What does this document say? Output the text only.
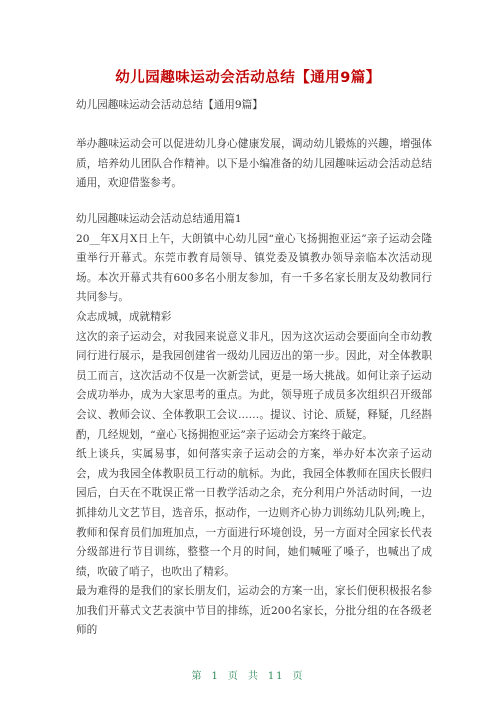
幼儿园趣味运动会活动总结【通用9篇】

幼儿园趣味运动会活动总结【通用9篇】

举办趣味运动会可以促进幼儿身心健康发展，调动幼儿锻炼的兴趣，增强体质，培养幼儿团队合作精神。以下是小编准备的幼儿园趣味运动会活动总结通用，欢迎借鉴参考。

幼儿园趣味运动会活动总结通用篇1
20__年X月X日上午，大朗镇中心幼儿园“童心飞扬拥抱亚运”亲子运动会隆重举行开幕式。东莞市教育局领导、镇党委及镇教办领导亲临本次活动现场。本次开幕式共有600多名小朋友参加，有一千多名家长朋友及幼教同行共同参与。
众志成城，成就精彩
这次的亲子运动会，对我园来说意义非凡，因为这次运动会要面向全市幼教同行进行展示，是我园创建省一级幼儿园迈出的第一步。因此，对全体教职员工而言，这次活动不仅是一次新尝试，更是一场大挑战。如何让亲子运动会成功举办，成为大家思考的重点。为此，领导班子成员多次组织召开级部会议、教师会议、全体教职工会议……。提议、讨论、质疑，释疑，几经斟酌，几经规划，“童心飞扬拥抱亚运”亲子运动会方案终于敲定。
纸上谈兵，实属易事，如何落实亲子运动会的方案，举办好本次亲子运动会，成为我园全体教职员工行动的航标。为此，我园全体教师在国庆长假归园后，白天在不耽误正常一日教学活动之余，充分利用户外活动时间，一边抓排幼儿文艺节目，选音乐，抠动作，一边则齐心协力训练幼儿队列;晚上，教师和保育员们加班加点，一方面进行环境创设，另一方面对全园家长代表分级部进行节目训练，整整一个月的时间，她们喊哑了嗓子，也喊出了成绩，吹破了哨子，也吹出了精彩。
最为难得的是我们的家长朋友们，运动会的方案一出，家长们便积极报名参加我们开幕式文艺表演中节目的排练，近200名家长，分批分组的在各级老师的
第 1 页 共 11 页
